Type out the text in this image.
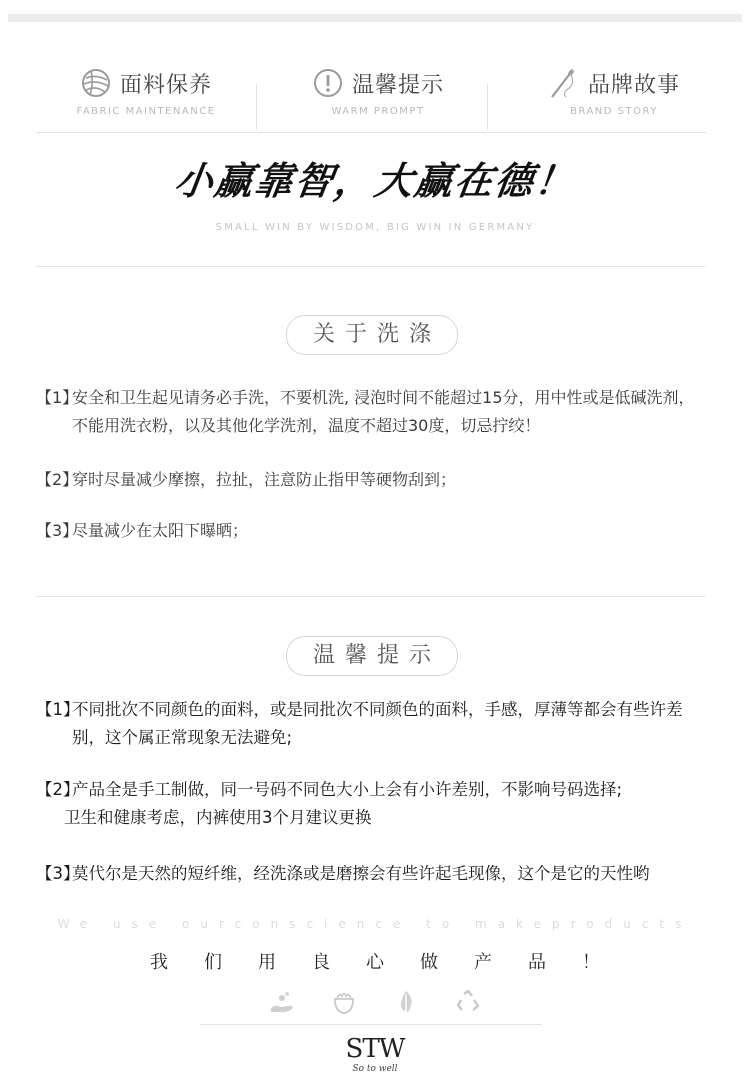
面料保养
FABRIC MAINTENANCE
温馨提示
WARM PROMPT
品牌故事
BRAND STORY
小赢靠智，大赢在德！
SMALL WIN BY WISDOM, BIG WIN IN GERMANY
关于洗涤
【1】
安全和卫生起见请务必手洗，不要机洗, 浸泡时间不能超过15分，用中性或是低碱洗剂，不能用洗衣粉，以及其他化学洗剂，温度不超过30度，切忌拧绞！
【2】
穿时尽量减少摩擦，拉扯，注意防止指甲等硬物刮到；
【3】
尽量减少在太阳下曝晒；
温馨提示
【1】
不同批次不同颜色的面料，或是同批次不同颜色的面料，手感，厚薄等都会有些许差别，这个属正常现象无法避免;
【2】
产品全是手工制做，同一号码不同色大小上会有小许差别，不影响号码选择;
卫生和健康考虑，内裤使用3个月建议更换
【3】
莫代尔是天然的短纤维，经洗涤或是磨擦会有些许起毛现像，这个是它的天性哟
We use ourconscience to makeproducts
我	们	用	良	心	做	产	品	！
STW
So to well
